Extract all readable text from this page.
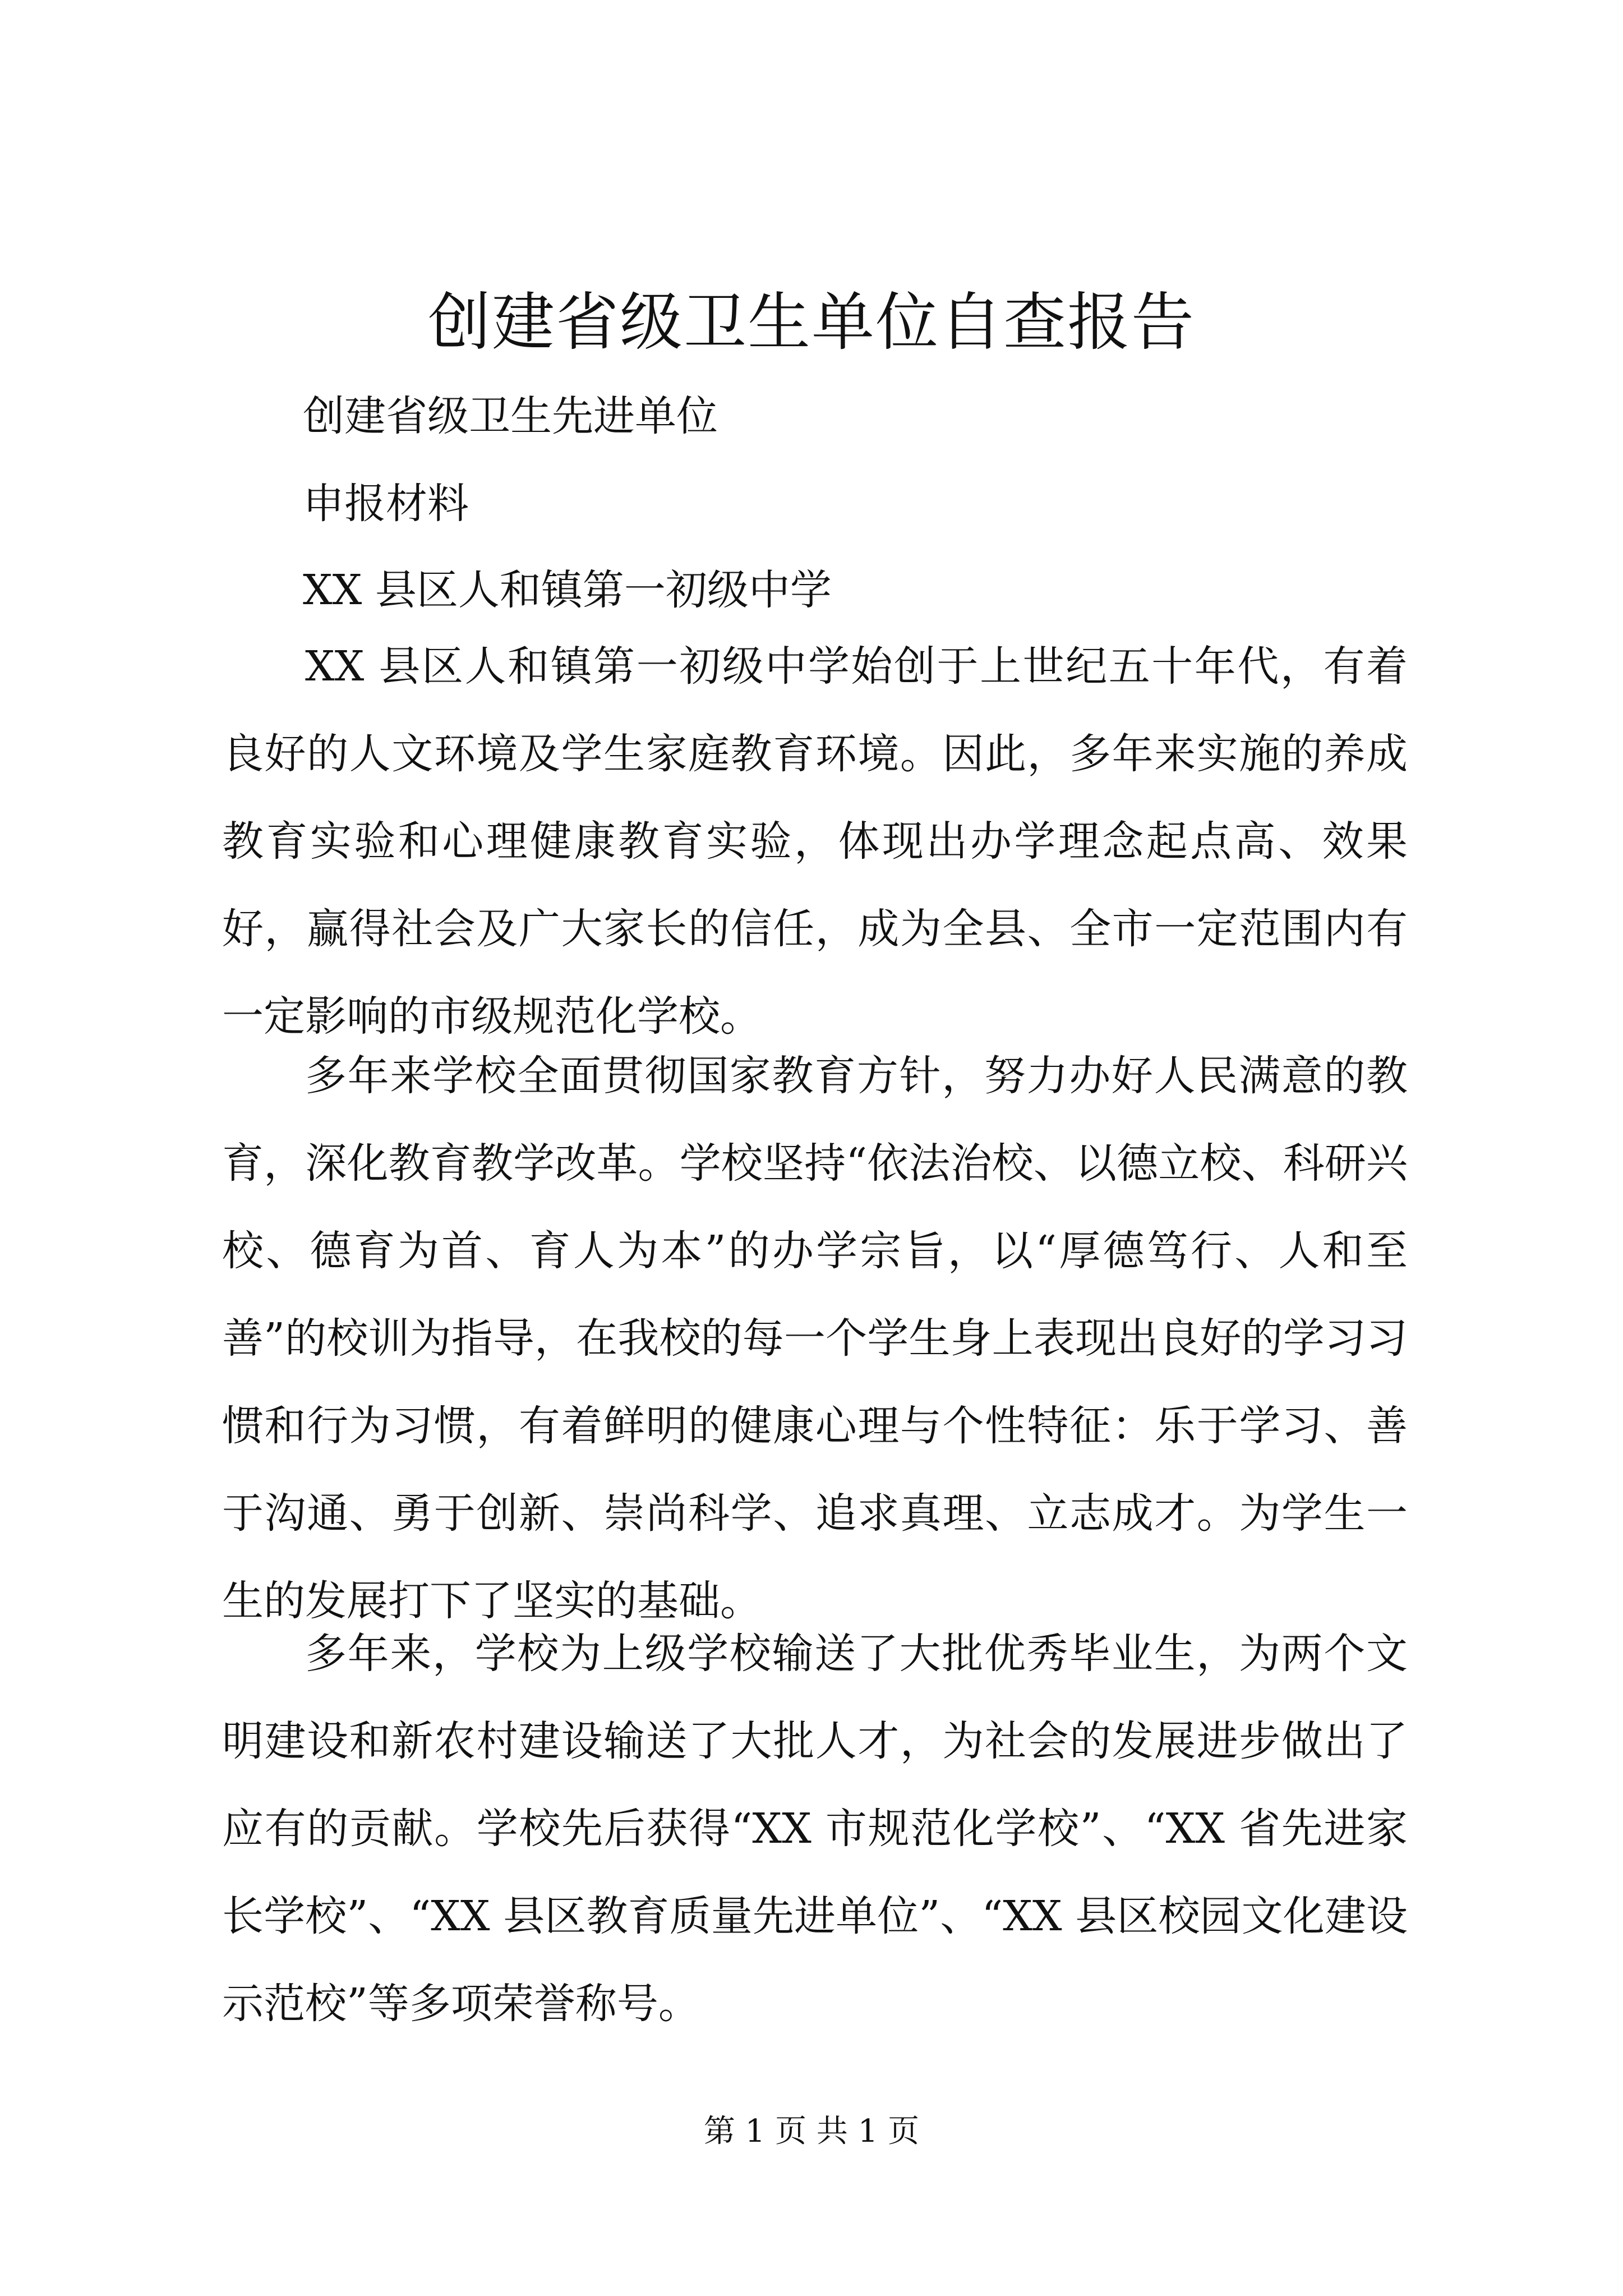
创建省级卫生单位自查报告

创建省级卫生先进单位

申报材料

XX 县区人和镇第一初级中学

XX 县区人和镇第一初级中学始创于上世纪五十年代，有着良好的人文环境及学生家庭教育环境。因此，多年来实施的养成教育实验和心理健康教育实验，体现出办学理念起点高、效果好，赢得社会及广大家长的信任，成为全县、全市一定范围内有一定影响的市级规范化学校。

多年来学校全面贯彻国家教育方针，努力办好人民满意的教育，深化教育教学改革。学校坚持“依法治校、以德立校、科研兴校、德育为首、育人为本”的办学宗旨，以“厚德笃行、人和至善”的校训为指导，在我校的每一个学生身上表现出良好的学习习惯和行为习惯，有着鲜明的健康心理与个性特征：乐于学习、善于沟通、勇于创新、崇尚科学、追求真理、立志成才。为学生一生的发展打下了坚实的基础。

多年来，学校为上级学校输送了大批优秀毕业生，为两个文明建设和新农村建设输送了大批人才，为社会的发展进步做出了应有的贡献。学校先后获得“XX 市规范化学校”、“XX 省先进家长学校”、“XX 县区教育质量先进单位”、“XX 县区校园文化建设示范校”等多项荣誉称号。

第 1 页 共 1 页
